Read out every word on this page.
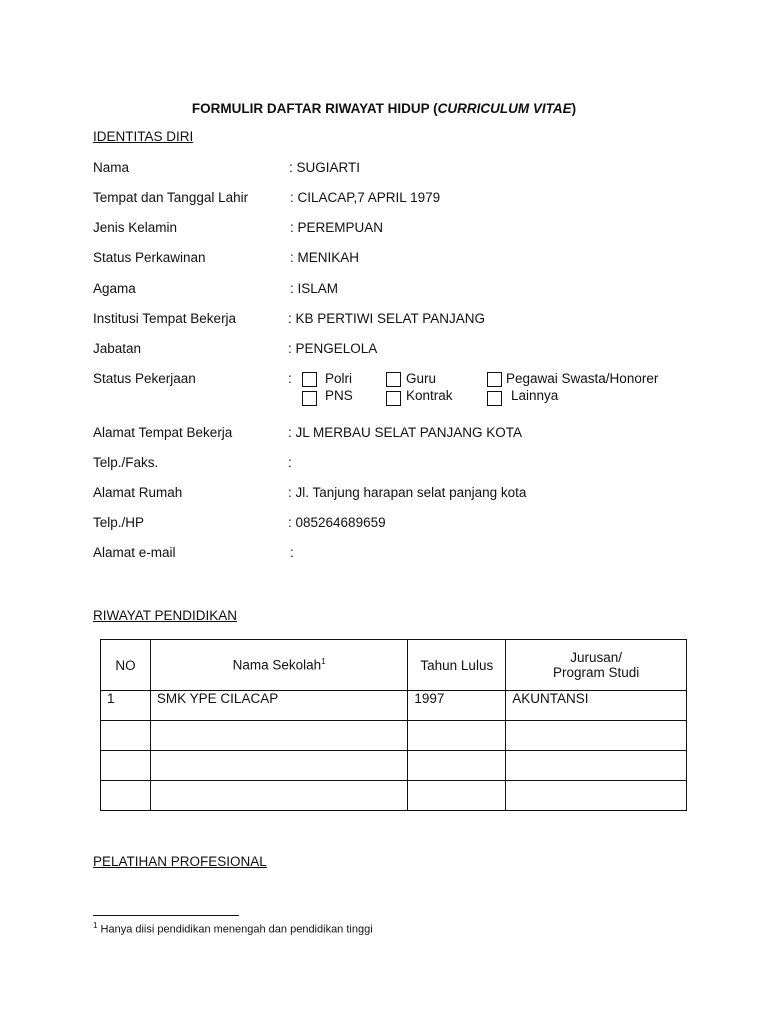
FORMULIR DAFTAR RIWAYAT HIDUP (CURRICULUM VITAE)
IDENTITAS DIRI
Nama	: SUGIARTI
Tempat dan Tanggal Lahir	: CILACAP,7 APRIL 1979
Jenis Kelamin	: PEREMPUAN
Status Perkawinan	: MENIKAH
Agama	: ISLAM
Institusi Tempat Bekerja	: KB PERTIWI SELAT PANJANG
Jabatan	: PENGELOLA
Status Pekerjaan	: Polri	Guru	Pegawai Swasta/Honorer
PNS	Kontrak	Lainnya
Alamat Tempat Bekerja	: JL MERBAU SELAT PANJANG KOTA
Telp./Faks.	:
Alamat Rumah	: Jl. Tanjung harapan selat panjang kota
Telp./HP	: 085264689659
Alamat e-mail	:
RIWAYAT PENDIDIKAN
NO	Nama Sekolah$^1$	Tahun Lulus	Jurusan/
Program Studi
1	SMK YPE CILACAP	1997	AKUNTANSI

PELATIHAN PROFESIONAL
$^1$ Hanya diisi pendidikan menengah dan pendidikan tinggi
